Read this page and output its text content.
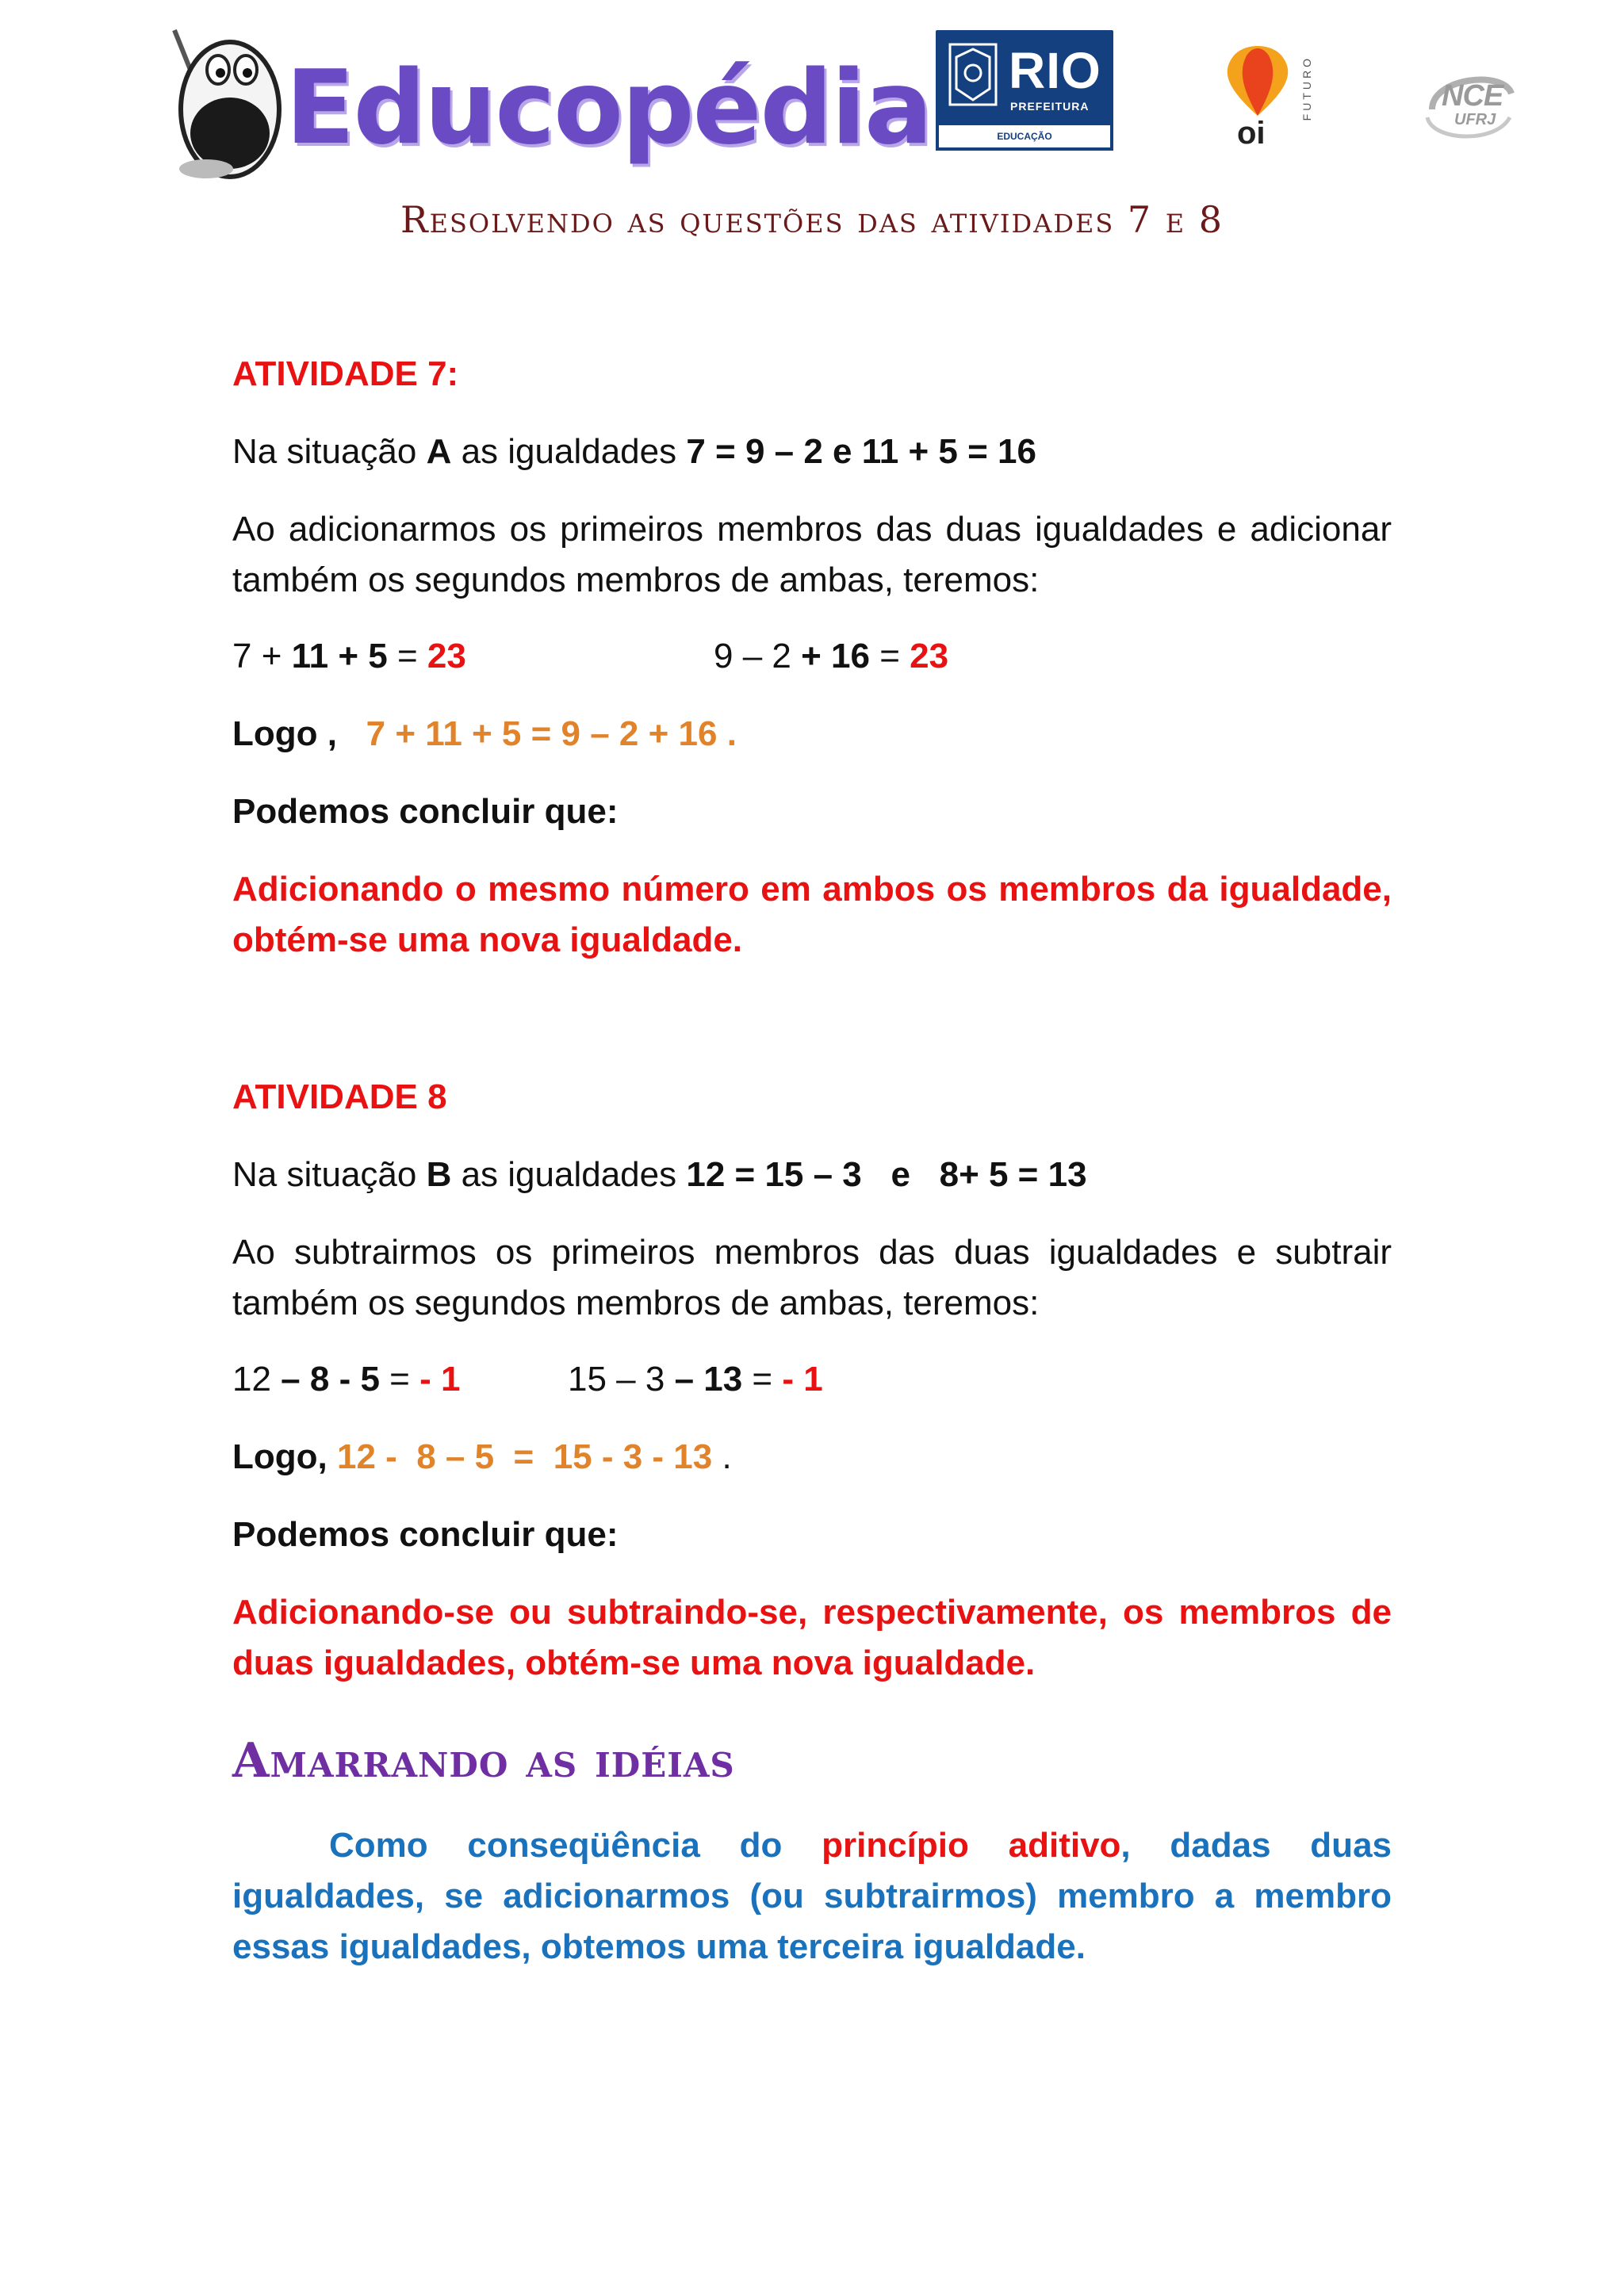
Educopédia RIO
PREFEITURA
EDUCAÇÃO	oi
FUTURO	NCE
UFRJ
Resolvendo as questões das atividades 7 e 8
ATIVIDADE 7:
Na situação A as igualdades 7 = 9 – 2 e 11 + 5 = 16
Ao adicionarmos os primeiros membros das duas igualdades e adicionar também os segundos membros de ambas, teremos:
7 + 11 + 5 = 23	9 – 2 + 16 = 23
Logo , 7 + 11 + 5 = 9 – 2 + 16 .
Podemos concluir que:
Adicionando o mesmo número em ambos os membros da igualdade, obtém-se uma nova igualdade.
ATIVIDADE 8
Na situação B as igualdades 12 = 15 – 3   e   8+ 5 = 13
Ao subtrairmos os primeiros membros das duas igualdades e subtrair também os segundos membros de ambas, teremos:
12 – 8 - 5 = - 1	15 – 3 – 13 = - 1
Logo, 12 -  8 – 5  =  15 - 3 - 13 .
Podemos concluir que:
Adicionando-se ou subtraindo-se, respectivamente, os membros de duas igualdades, obtém-se uma nova igualdade.
Amarrando as idéias
Como conseqüência do princípio aditivo, dadas duas igualdades, se adicionarmos (ou subtrairmos) membro a membro essas igualdades, obtemos uma terceira igualdade.
